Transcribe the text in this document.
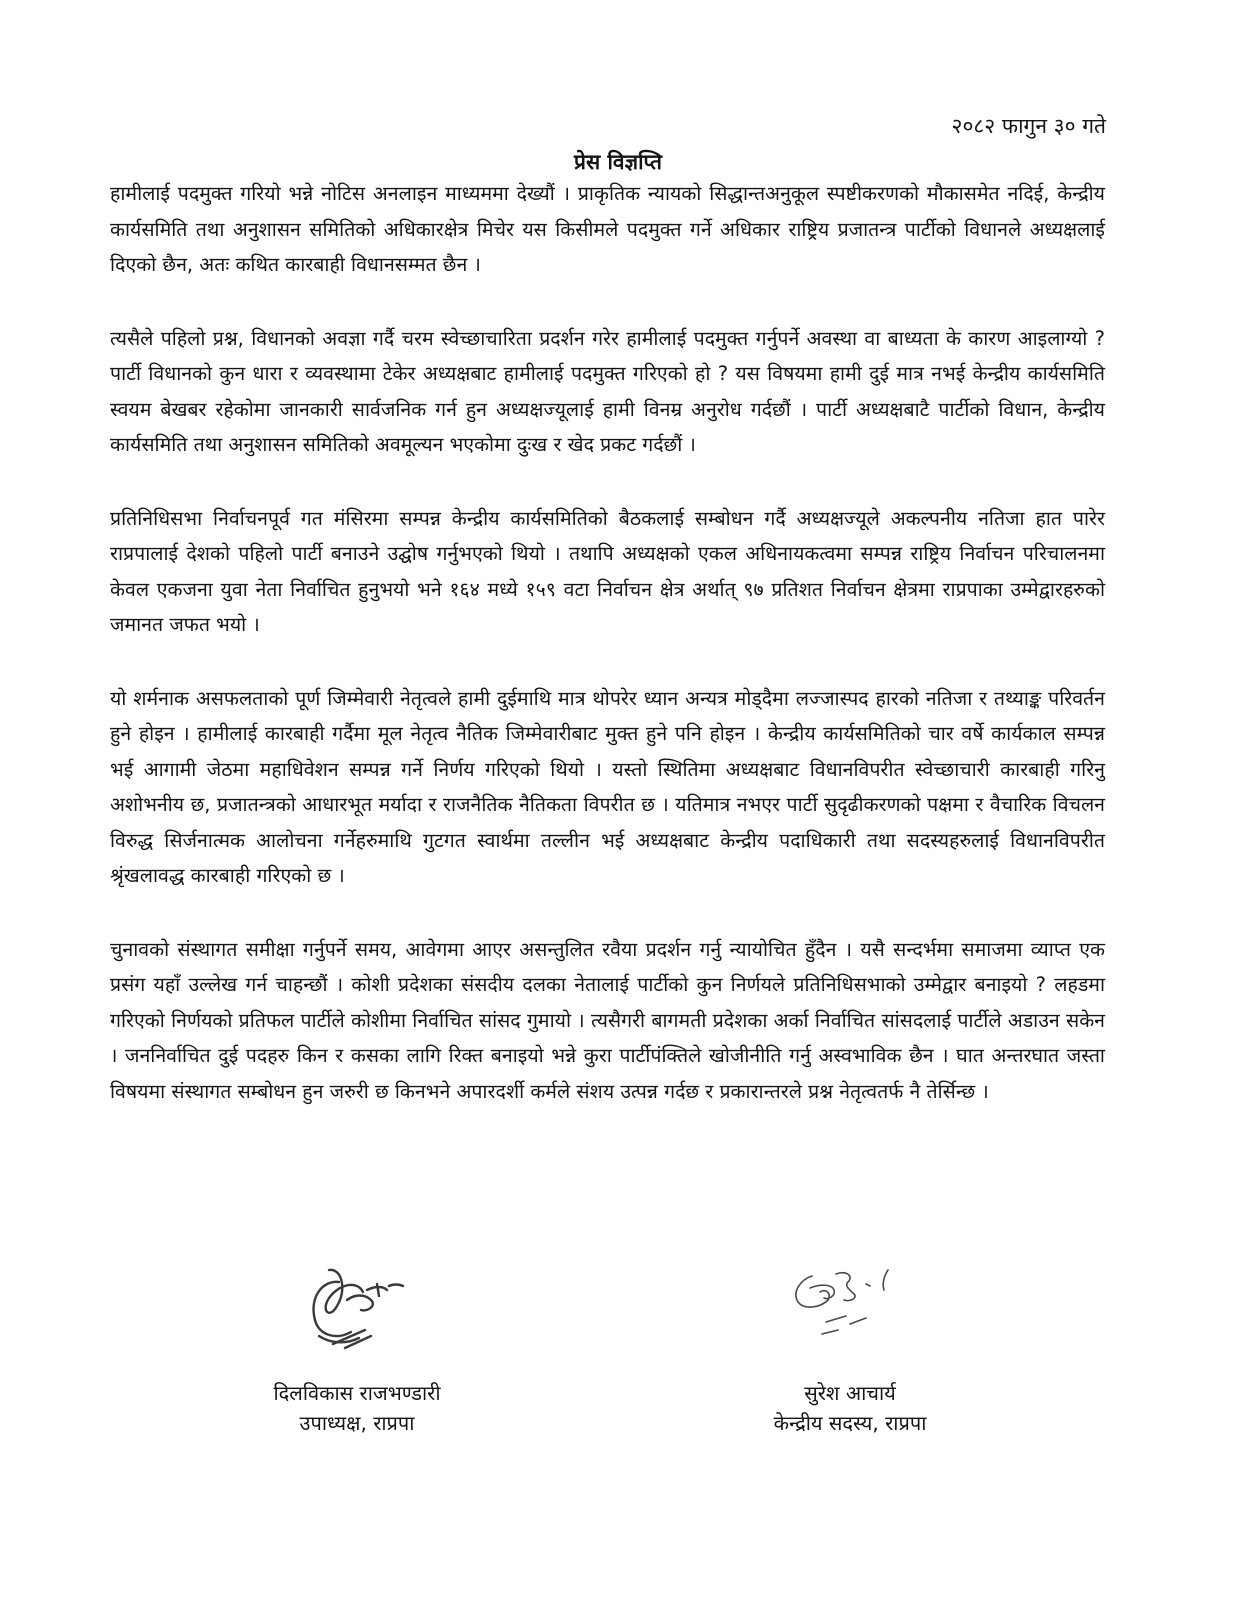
२०८२ फागुन ३० गते
प्रेस विज्ञप्ति

हामीलाई पदमुक्त गरियो भन्ने नोटिस अनलाइन माध्यममा देख्यौं । प्राकृतिक न्यायको सिद्धान्तअनुकूल स्पष्टीकरणको मौकासमेत नदिई, केन्द्रीय कार्यसमिति तथा अनुशासन समितिको अधिकारक्षेत्र मिचेर यस किसीमले पदमुक्त गर्ने अधिकार राष्ट्रिय प्रजातन्त्र पार्टीको विधानले अध्यक्षलाई दिएको छैन, अतः कथित कारबाही विधानसम्मत छैन ।

त्यसैले पहिलो प्रश्न, विधानको अवज्ञा गर्दै चरम स्वेच्छाचारिता प्रदर्शन गरेर हामीलाई पदमुक्त गर्नुपर्ने अवस्था वा बाध्यता के कारण आइलाग्यो ? पार्टी विधानको कुन धारा र व्यवस्थामा टेकेर अध्यक्षबाट हामीलाई पदमुक्त गरिएको हो ? यस विषयमा हामी दुई मात्र नभई केन्द्रीय कार्यसमिति स्वयम बेखबर रहेकोमा जानकारी सार्वजनिक गर्न हुन अध्यक्षज्यूलाई हामी विनम्र अनुरोध गर्दछौं । पार्टी अध्यक्षबाटै पार्टीको विधान, केन्द्रीय कार्यसमिति तथा अनुशासन समितिको अवमूल्यन भएकोमा दुःख र खेद प्रकट गर्दछौं ।

प्रतिनिधिसभा निर्वाचनपूर्व गत मंसिरमा सम्पन्न केन्द्रीय कार्यसमितिको बैठकलाई सम्बोधन गर्दै अध्यक्षज्यूले अकल्पनीय नतिजा हात पारेर राप्रपालाई देशको पहिलो पार्टी बनाउने उद्घोष गर्नुभएको थियो । तथापि अध्यक्षको एकल अधिनायकत्वमा सम्पन्न राष्ट्रिय निर्वाचन परिचालनमा केवल एकजना युवा नेता निर्वाचित हुनुभयो भने १६४ मध्ये १५९ वटा निर्वाचन क्षेत्र अर्थात् ९७ प्रतिशत निर्वाचन क्षेत्रमा राप्रपाका उम्मेद्वारहरुको जमानत जफत भयो ।

यो शर्मनाक असफलताको पूर्ण जिम्मेवारी नेतृत्वले हामी दुईमाथि मात्र थोपरेर ध्यान अन्यत्र मोड्दैमा लज्जास्पद हारको नतिजा र तथ्याङ्क परिवर्तन हुने होइन । हामीलाई कारबाही गर्दैमा मूल नेतृत्व नैतिक जिम्मेवारीबाट मुक्त हुने पनि होइन । केन्द्रीय कार्यसमितिको चार वर्षे कार्यकाल सम्पन्न भई आगामी जेठमा महाधिवेशन सम्पन्न गर्ने निर्णय गरिएको थियो । यस्तो स्थितिमा अध्यक्षबाट विधानविपरीत स्वेच्छाचारी कारबाही गरिनु अशोभनीय छ, प्रजातन्त्रको आधारभूत मर्यादा र राजनैतिक नैतिकता विपरीत छ । यतिमात्र नभएर पार्टी सुदृढीकरणको पक्षमा र वैचारिक विचलन विरुद्ध सिर्जनात्मक आलोचना गर्नेहरुमाथि गुटगत स्वार्थमा तल्लीन भई अध्यक्षबाट केन्द्रीय पदाधिकारी तथा सदस्यहरुलाई विधानविपरीत श्रृंखलावद्ध कारबाही गरिएको छ ।

चुनावको संस्थागत समीक्षा गर्नुपर्ने समय, आवेगमा आएर असन्तुलित रवैया प्रदर्शन गर्नु न्यायोचित हुँदैन । यसै सन्दर्भमा समाजमा व्याप्त एक प्रसंग यहाँ उल्लेख गर्न चाहन्छौं । कोशी प्रदेशका संसदीय दलका नेतालाई पार्टीको कुन निर्णयले प्रतिनिधिसभाको उम्मेद्वार बनाइयो ? लहडमा गरिएको निर्णयको प्रतिफल पार्टीले कोशीमा निर्वाचित सांसद गुमायो । त्यसैगरी बागमती प्रदेशका अर्का निर्वाचित सांसदलाई पार्टीले अडाउन सकेन । जननिर्वाचित दुई पदहरु किन र कसका लागि रिक्त बनाइयो भन्ने कुरा पार्टीपंक्तिले खोजीनीति गर्नु अस्वभाविक छैन । घात अन्तरघात जस्ता विषयमा संस्थागत सम्बोधन हुन जरुरी छ किनभने अपारदर्शी कर्मले संशय उत्पन्न गर्दछ र प्रकारान्तरले प्रश्न नेतृत्वतर्फ नै तेर्सिन्छ ।

दिलविकास राजभण्डारी
उपाध्यक्ष, राप्रपा
सुरेश आचार्य
केन्द्रीय सदस्य, राप्रपा
